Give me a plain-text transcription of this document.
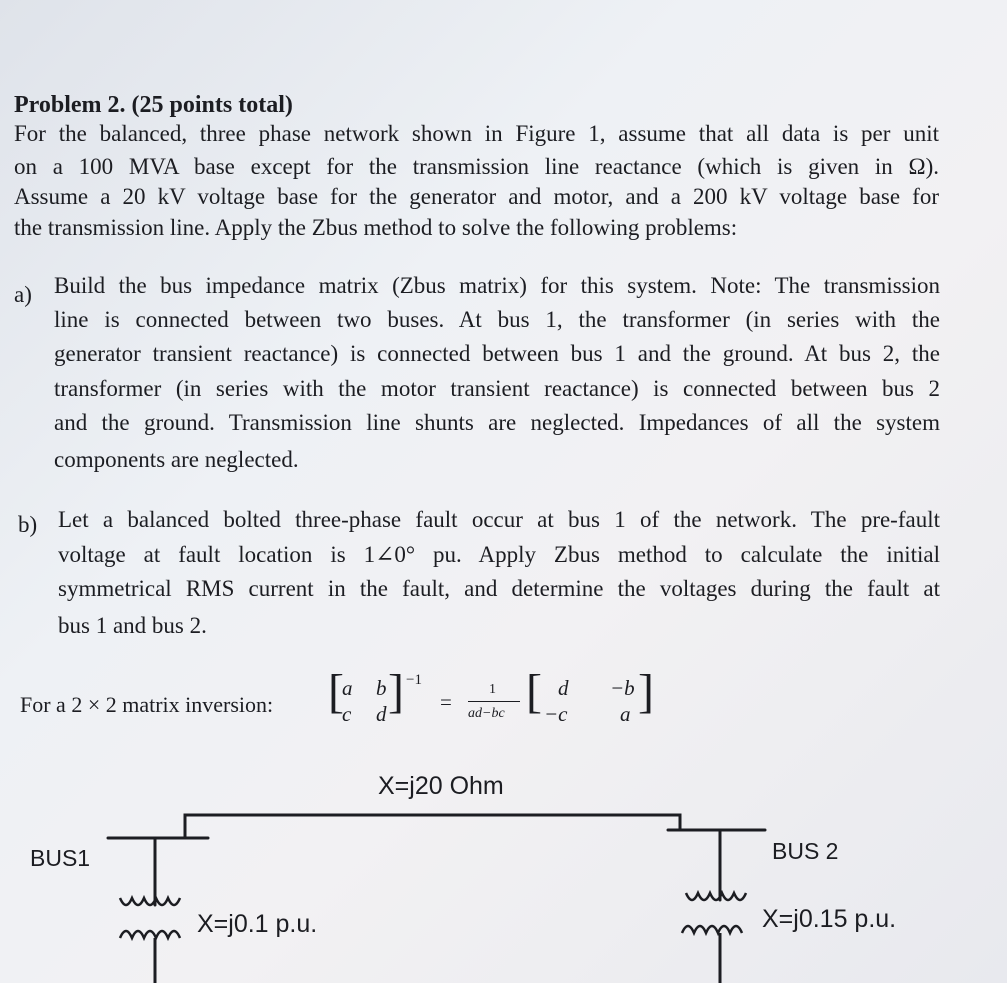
Problem 2. (25 points total)
For the balanced, three phase network shown in Figure 1, assume that all data is per unit
on a 100 MVA base except for the transmission line reactance (which is given in Ω).
Assume a 20 kV voltage base for the generator and motor, and a 200 kV voltage base for
the transmission line. Apply the Zbus method to solve the following problems:
a) Build the bus impedance matrix (Zbus matrix) for this system. Note: The transmission
line is connected between two buses. At bus 1, the transformer (in series with the
generator transient reactance) is connected between bus 1 and the ground. At bus 2, the
transformer (in series with the motor transient reactance) is connected between bus 2
and the ground. Transmission line shunts are neglected. Impedances of all the system
components are neglected.
b) Let a balanced bolted three-phase fault occur at bus 1 of the network. The pre-fault
voltage at fault location is 1∠0° pu. Apply Zbus method to calculate the initial
symmetrical RMS current in the fault, and determine the voltages during the fault at
bus 1 and bus 2.
For a 2 × 2 matrix inversion: [
a b
c d ] −1
=
1
ad−bc [ d −b
−c	a ]
X=j20 Ohm
BUS1	BUS 2
X=j0.1 p.u.	X=j0.15 p.u.
